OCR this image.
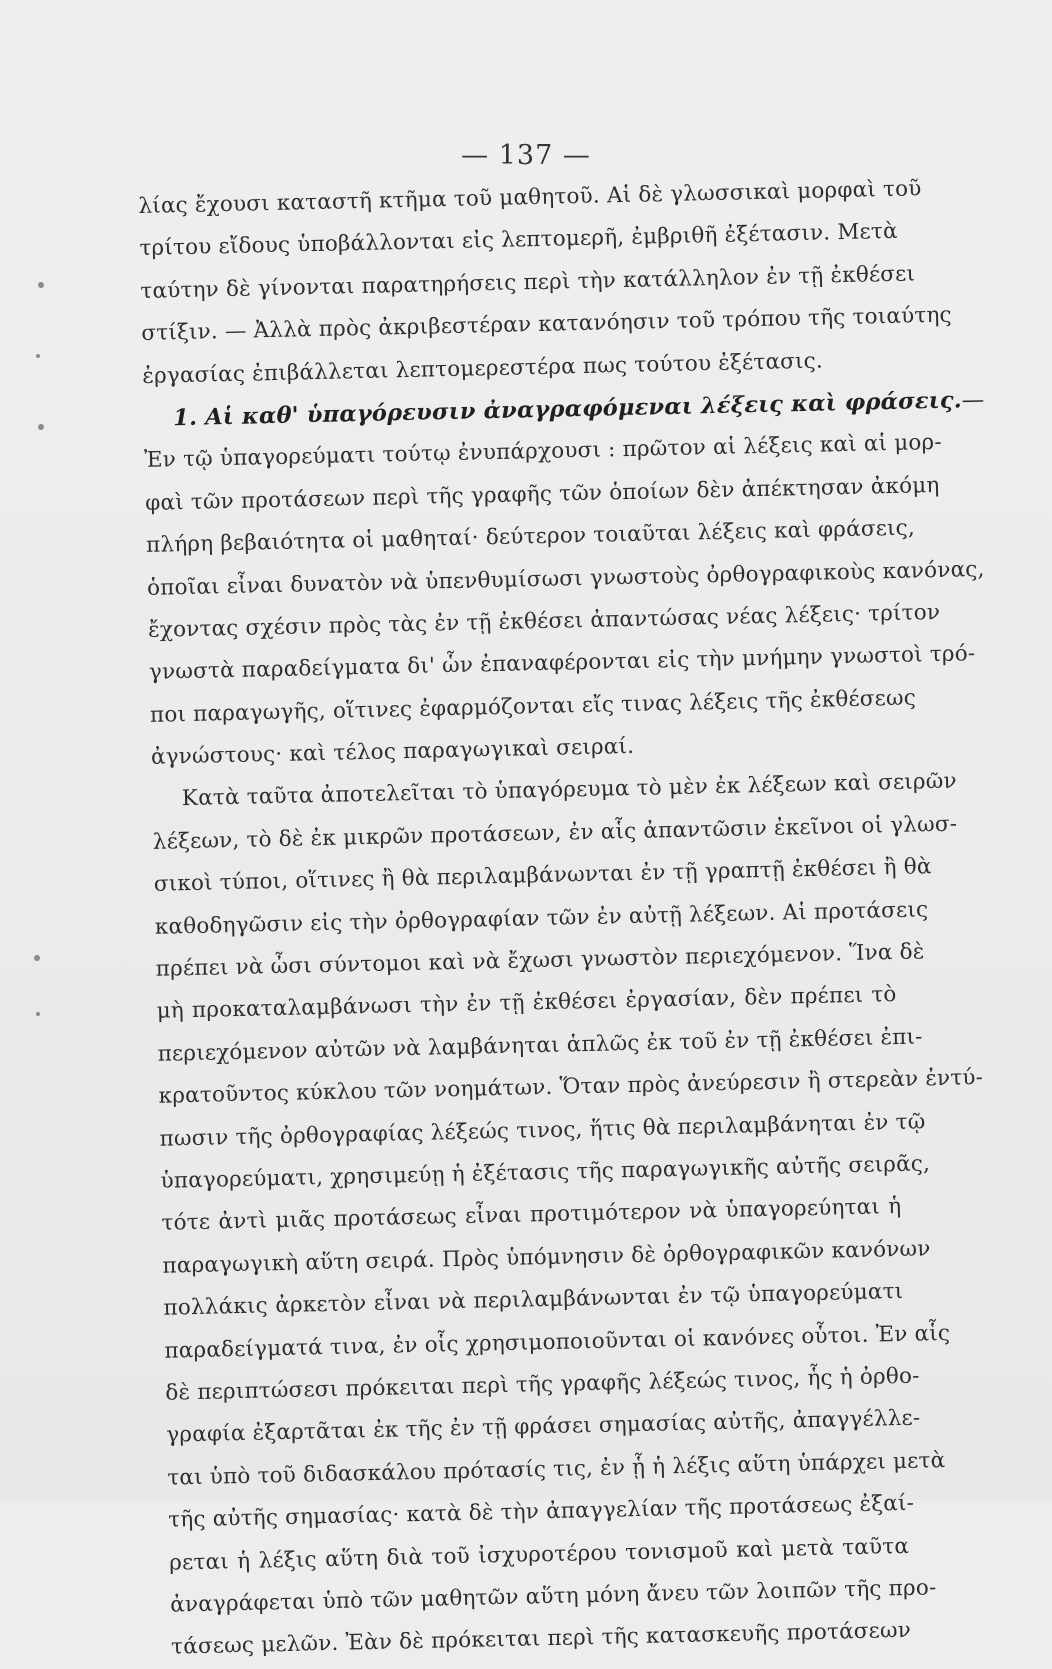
— 137 —
λίας ἔχουσι καταστῆ κτῆμα τοῦ μαθητοῦ. Αἱ δὲ γλωσσικαὶ μορφαὶ τοῦ
τρίτου εἴδους ὑποβάλλονται εἰς λεπτομερῆ, ἐμβριθῆ ἐξέτασιν. Μετὰ
ταύτην δὲ γίνονται παρατηρήσεις περὶ τὴν κατάλληλον ἐν τῇ ἐκθέσει
στίξιν. — Ἀλλὰ πρὸς ἀκριβεστέραν κατανόησιν τοῦ τρόπου τῆς τοιαύτης
ἐργασίας ἐπιβάλλεται λεπτομερεστέρα πως τούτου ἐξέτασις.
1. Αἱ καθ' ὑπαγόρευσιν ἀναγραφόμεναι λέξεις καὶ φράσεις.—
Ἐν τῷ ὑπαγορεύματι τούτῳ ἐνυπάρχουσι : πρῶτον αἱ λέξεις καὶ αἱ μορ-
φαὶ τῶν προτάσεων περὶ τῆς γραφῆς τῶν ὁποίων δὲν ἀπέκτησαν ἀκόμη
πλήρη βεβαιότητα οἱ μαθηταί· δεύτερον τοιαῦται λέξεις καὶ φράσεις,
ὁποῖαι εἶναι δυνατὸν νὰ ὑπενθυμίσωσι γνωστοὺς ὀρθογραφικοὺς κανόνας,
ἔχοντας σχέσιν πρὸς τὰς ἐν τῇ ἐκθέσει ἀπαντώσας νέας λέξεις· τρίτον
γνωστὰ παραδείγματα δι' ὧν ἐπαναφέρονται εἰς τὴν μνήμην γνωστοὶ τρό-
ποι παραγωγῆς, οἵτινες ἐφαρμόζονται εἴς τινας λέξεις τῆς ἐκθέσεως
ἀγνώστους· καὶ τέλος παραγωγικαὶ σειραί.
Κατὰ ταῦτα ἀποτελεῖται τὸ ὑπαγόρευμα τὸ μὲν ἐκ λέξεων καὶ σειρῶν
λέξεων, τὸ δὲ ἐκ μικρῶν προτάσεων, ἐν αἷς ἀπαντῶσιν ἐκεῖνοι οἱ γλωσ-
σικοὶ τύποι, οἵτινες ἢ θὰ περιλαμβάνωνται ἐν τῇ γραπτῇ ἐκθέσει ἢ θὰ
καθοδηγῶσιν εἰς τὴν ὀρθογραφίαν τῶν ἐν αὐτῇ λέξεων. Αἱ προτάσεις
πρέπει νὰ ὦσι σύντομοι καὶ νὰ ἔχωσι γνωστὸν περιεχόμενον. Ἵνα δὲ
μὴ προκαταλαμβάνωσι τὴν ἐν τῇ ἐκθέσει ἐργασίαν, δὲν πρέπει τὸ
περιεχόμενον αὐτῶν νὰ λαμβάνηται ἁπλῶς ἐκ τοῦ ἐν τῇ ἐκθέσει ἐπι-
κρατοῦντος κύκλου τῶν νοημάτων. Ὅταν πρὸς ἀνεύρεσιν ἢ στερεὰν ἐντύ-
πωσιν τῆς ὀρθογραφίας λέξεώς τινος, ἥτις θὰ περιλαμβάνηται ἐν τῷ
ὑπαγορεύματι, χρησιμεύῃ ἡ ἐξέτασις τῆς παραγωγικῆς αὐτῆς σειρᾶς,
τότε ἀντὶ μιᾶς προτάσεως εἶναι προτιμότερον νὰ ὑπαγορεύηται ἡ
παραγωγικὴ αὕτη σειρά. Πρὸς ὑπόμνησιν δὲ ὀρθογραφικῶν κανόνων
πολλάκις ἀρκετὸν εἶναι νὰ περιλαμβάνωνται ἐν τῷ ὑπαγορεύματι
παραδείγματά τινα, ἐν οἷς χρησιμοποιοῦνται οἱ κανόνες οὗτοι. Ἐν αἷς
δὲ περιπτώσεσι πρόκειται περὶ τῆς γραφῆς λέξεώς τινος, ἧς ἡ ὀρθο-
γραφία ἐξαρτᾶται ἐκ τῆς ἐν τῇ φράσει σημασίας αὐτῆς, ἀπαγγέλλε-
ται ὑπὸ τοῦ διδασκάλου πρότασίς τις, ἐν ᾗ ἡ λέξις αὕτη ὑπάρχει μετὰ
τῆς αὐτῆς σημασίας· κατὰ δὲ τὴν ἀπαγγελίαν τῆς προτάσεως ἐξαί-
ρεται ἡ λέξις αὕτη διὰ τοῦ ἰσχυροτέρου τονισμοῦ καὶ μετὰ ταῦτα
ἀναγράφεται ὑπὸ τῶν μαθητῶν αὕτη μόνη ἄνευ τῶν λοιπῶν τῆς προ-
τάσεως μελῶν. Ἐὰν δὲ πρόκειται περὶ τῆς κατασκευῆς προτάσεων
